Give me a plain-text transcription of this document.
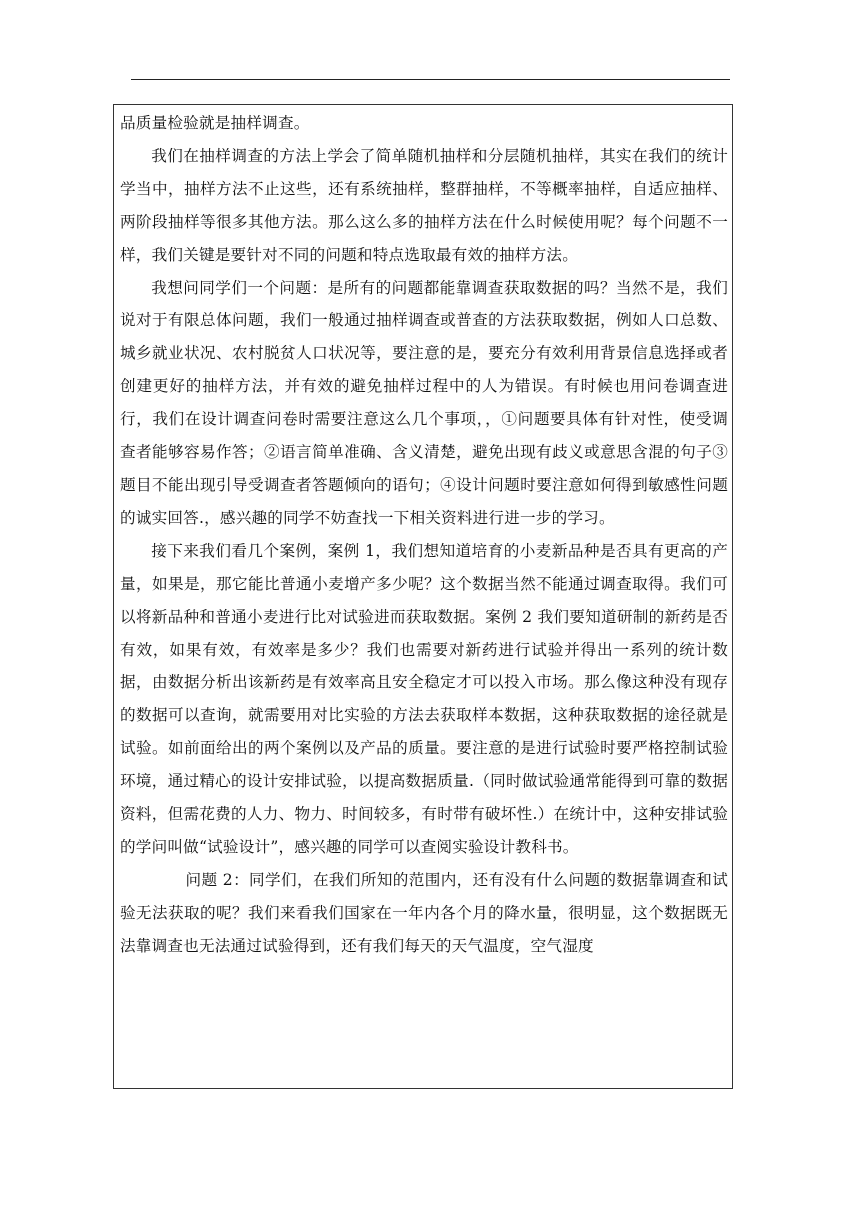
品质量检验就是抽样调查。

我们在抽样调查的方法上学会了简单随机抽样和分层随机抽样，其实在我们的统计学当中，抽样方法不止这些，还有系统抽样，整群抽样，不等概率抽样，自适应抽样、两阶段抽样等很多其他方法。那么这么多的抽样方法在什么时候使用呢？每个问题不一样，我们关键是要针对不同的问题和特点选取最有效的抽样方法。

我想问同学们一个问题：是所有的问题都能靠调查获取数据的吗？当然不是，我们说对于有限总体问题，我们一般通过抽样调查或普查的方法获取数据，例如人口总数、城乡就业状况、农村脱贫人口状况等，要注意的是，要充分有效利用背景信息选择或者创建更好的抽样方法，并有效的避免抽样过程中的人为错误。有时候也用问卷调查进行，我们在设计调查问卷时需要注意这么几个事项，，①问题要具体有针对性，使受调查者能够容易作答；②语言简单准确、含义清楚，避免出现有歧义或意思含混的句子③题目不能出现引导受调查者答题倾向的语句；④设计问题时要注意如何得到敏感性问题的诚实回答.，感兴趣的同学不妨查找一下相关资料进行进一步的学习。

接下来我们看几个案例，案例 1，我们想知道培育的小麦新品种是否具有更高的产量，如果是，那它能比普通小麦增产多少呢？这个数据当然不能通过调查取得。我们可以将新品种和普通小麦进行比对试验进而获取数据。案例 2 我们要知道研制的新药是否有效，如果有效，有效率是多少？我们也需要对新药进行试验并得出一系列的统计数据，由数据分析出该新药是有效率高且安全稳定才可以投入市场。那么像这种没有现存的数据可以查询，就需要用对比实验的方法去获取样本数据，这种获取数据的途径就是试验。如前面给出的两个案例以及产品的质量。要注意的是进行试验时要严格控制试验环境，通过精心的设计安排试验，以提高数据质量.（同时做试验通常能得到可靠的数据资料，但需花费的人力、物力、时间较多，有时带有破坏性.）在统计中，这种安排试验的学问叫做“试验设计”，感兴趣的同学可以查阅实验设计教科书。

问题 2：同学们，在我们所知的范围内，还有没有什么问题的数据靠调查和试验无法获取的呢？我们来看我们国家在一年内各个月的降水量，很明显，这个数据既无法靠调查也无法通过试验得到，还有我们每天的天气温度，空气湿度
